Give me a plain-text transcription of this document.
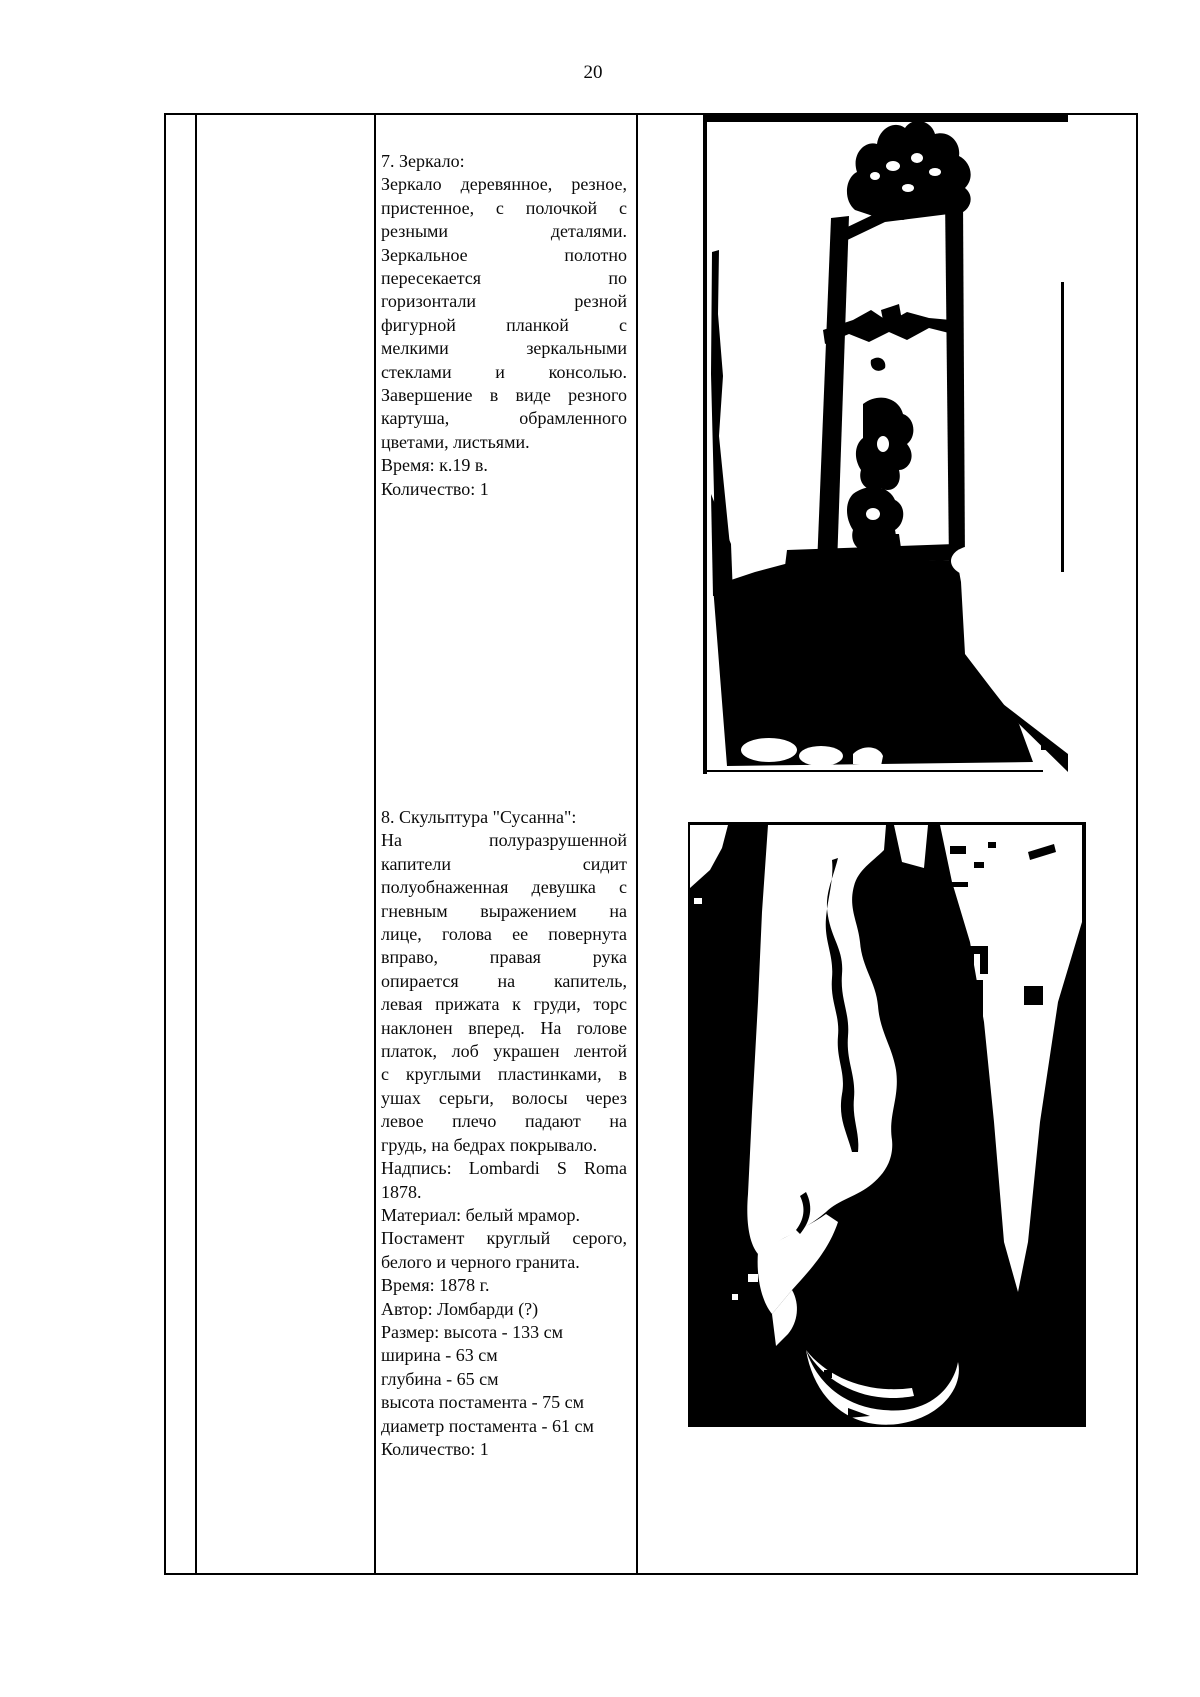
20
7. Зеркало:
Зеркало деревянное, резное,
пристенное, с полочкой с
резными деталями.
Зеркальное полотно
пересекается по
горизонтали резной
фигурной планкой с
мелкими зеркальными
стеклами и консолью.
Завершение в виде резного
картуша, обрамленного
цветами, листьями.
Время: к.19 в.
Количество: 1
8. Скульптура "Сусанна":
На полуразрушенной
капители сидит
полуобнаженная девушка с
гневным выражением на
лице, голова ее повернута
вправо, правая рука
опирается на капитель,
левая прижата к груди, торс
наклонен вперед. На голове
платок, лоб украшен лентой
с круглыми пластинками, в
ушах серьги, волосы через
левое плечо падают на
грудь, на бедрах покрывало.
Надпись: Lombardi S Roma
1878.
Материал: белый мрамор.
Постамент круглый серого,
белого и черного гранита.
Время: 1878 г.
Автор: Ломбарди (?)
Размер: высота - 133 см
ширина - 63 см
глубина - 65 см
высота постамента - 75 см
диаметр постамента - 61 см
Количество: 1
